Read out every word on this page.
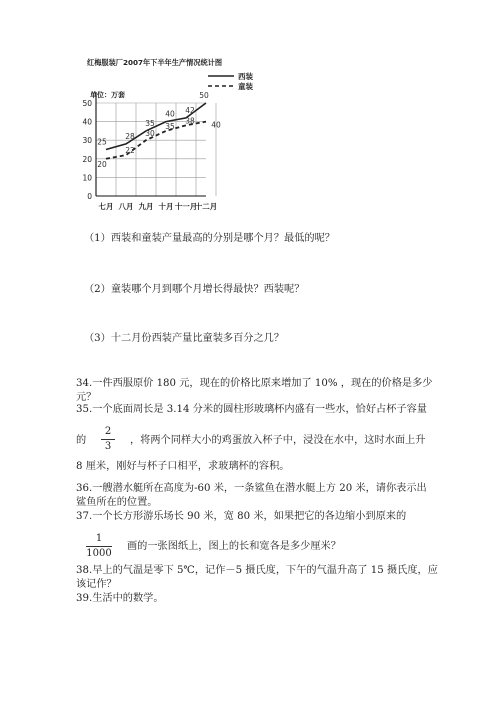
红梅服装厂2007年下半年生产情况统计图
0
10
20
30
40
50
单位：万套
七月 八月 九月 十月 十一月
十二月
25
28
35
40 42
50
20
22
30
35
38 40
西装
童装
（1）西装和童装产量最高的分别是哪个月？最低的呢？
（2）童装哪个月到哪个月增长得最快？西装呢？
（3）十二月份西装产量比童装多百分之几？
34.一件西服原价 180 元，现在的价格比原来增加了 10% ，现在的价格是多少
元？
35.一个底面周长是 3.14 分米的圆柱形玻璃杯内盛有一些水，恰好占杯子容量
的
2
3
，将两个同样大小的鸡蛋放入杯子中，浸没在水中，这时水面上升
8 厘米，刚好与杯子口相平，求玻璃杯的容积。
36.一艘潜水艇所在高度为-60 米，一条鲨鱼在潜水艇上方 20 米，请你表示出
鲨鱼所在的位置。
37.一个长方形游乐场长 90 米，宽 80 米，如果把它的各边缩小到原来的
1
1000
画的一张图纸上，图上的长和宽各是多少厘米？
38.早上的气温是零下 5℃，记作－5 摄氏度，下午的气温升高了 15 摄氏度，应
该记作？
39.生活中的数学。
